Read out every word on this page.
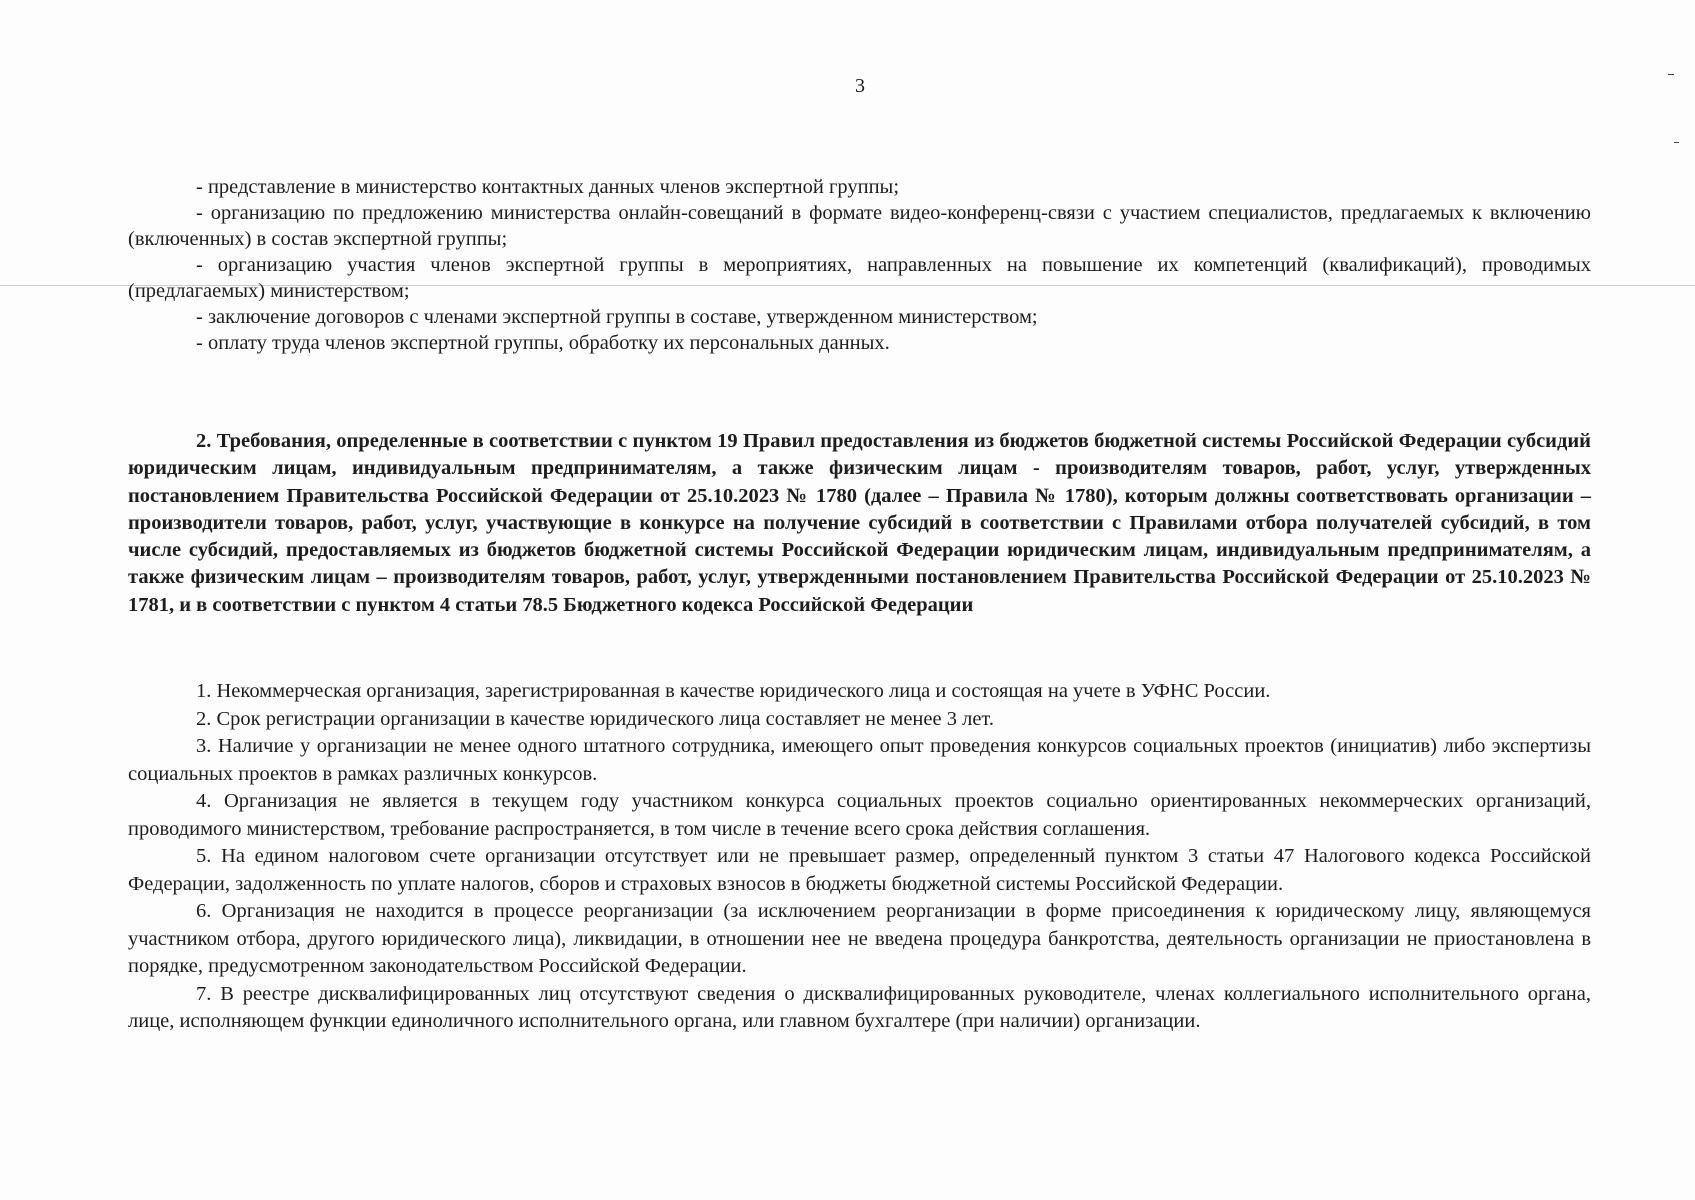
3

- представление в министерство контактных данных членов экспертной группы;

- организацию по предложению министерства онлайн-совещаний в формате видео-конференц-связи с участием специалистов, предлагаемых к включению (включенных) в состав экспертной группы;

- организацию участия членов экспертной группы в мероприятиях, направленных на повышение их компетенций (квалификаций), проводимых (предлагаемых) министерством;

- заключение договоров с членами экспертной группы в составе, утвержденном министерством;

- оплату труда членов экспертной группы, обработку их персональных данных.

2. Требования, определенные в соответствии с пунктом 19 Правил предоставления из бюджетов бюджетной системы Российской Федерации субсидий юридическим лицам, индивидуальным предпринимателям, а также физическим лицам - производителям товаров, работ, услуг, утвержденных постановлением Правительства Российской Федерации от 25.10.2023 № 1780 (далее – Правила № 1780), которым должны соответствовать организации – производители товаров, работ, услуг, участвующие в конкурсе на получение субсидий в соответствии с Правилами отбора получателей субсидий, в том числе субсидий, предоставляемых из бюджетов бюджетной системы Российской Федерации юридическим лицам, индивидуальным предпринимателям, а также физическим лицам – производителям товаров, работ, услуг, утвержденными постановлением Правительства Российской Федерации от 25.10.2023 № 1781, и в соответствии с пунктом 4 статьи 78.5 Бюджетного кодекса Российской Федерации

1. Некоммерческая организация, зарегистрированная в качестве юридического лица и состоящая на учете в УФНС России.

2. Срок регистрации организации в качестве юридического лица составляет не менее 3 лет.

3. Наличие у организации не менее одного штатного сотрудника, имеющего опыт проведения конкурсов социальных проектов (инициатив) либо экспертизы социальных проектов в рамках различных конкурсов.

4. Организация не является в текущем году участником конкурса социальных проектов социально ориентированных некоммерческих организаций, проводимого министерством, требование распространяется, в том числе в течение всего срока действия соглашения.

5. На едином налоговом счете организации отсутствует или не превышает размер, определенный пунктом 3 статьи 47 Налогового кодекса Российской Федерации, задолженность по уплате налогов, сборов и страховых взносов в бюджеты бюджетной системы Российской Федерации.

6. Организация не находится в процессе реорганизации (за исключением реорганизации в форме присоединения к юридическому лицу, являющемуся участником отбора, другого юридического лица), ликвидации, в отношении нее не введена процедура банкротства, деятельность организации не приостановлена в порядке, предусмотренном законодательством Российской Федерации.

7. В реестре дисквалифицированных лиц отсутствуют сведения о дисквалифицированных руководителе, членах коллегиального исполнительного органа, лице, исполняющем функции единоличного исполнительного органа, или главном бухгалтере (при наличии) организации.
